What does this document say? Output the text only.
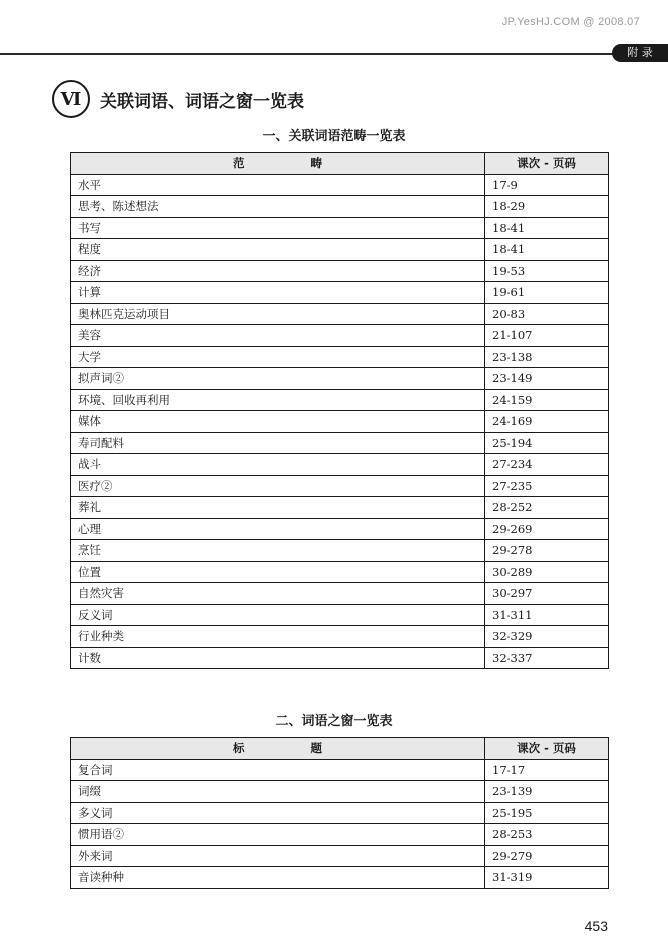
JP.YesHJ.COM @ 2008.07
附 录
Ⅵ	关联词语、词语之窗一览表
一、关联词语范畴一览表
范畴	课次 - 页码
水平	17-9
思考、陈述想法	18-29
书写	18-41
程度	18-41
经济	19-53
计算	19-61
奥林匹克运动项目	20-83
美容	21-107
大学	23-138
拟声词②	23-149
环境、回收再利用	24-159
媒体	24-169
寿司配料	25-194
战斗	27-234
医疗②	27-235
葬礼	28-252
心理	29-269
烹饪	29-278
位置	30-289
自然灾害	30-297
反义词	31-311
行业种类	32-329
计数	32-337
二、词语之窗一览表
标题	课次 - 页码
复合词	17-17
词缀	23-139
多义词	25-195
惯用语②	28-253
外来词	29-279
音读种种	31-319
453
